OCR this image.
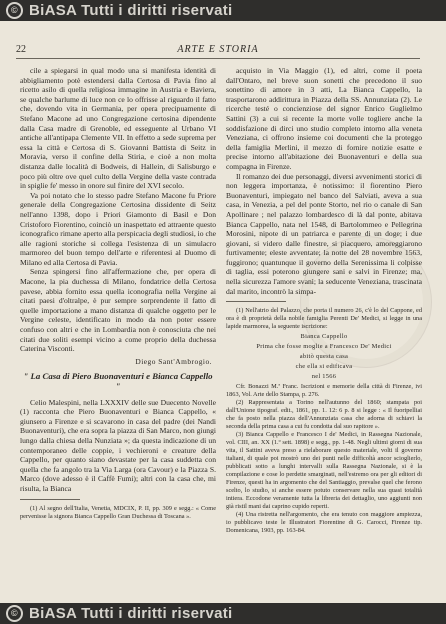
© BiASA Tutti i diritti riservati
22	ARTE E STORIA

cile a spiegarsi in qual modo una si manifesta identità di abbigliamento potè estendersi dalla Certosa di Pavia fino al ricetto asilo di quella religiosa immagine in Austria e Baviera, se qualche barlume di luce non ce lo offrisse al riguardo il fatto che, dovendo vita in Germania, per opera precipuamente di Stefano Macone ad uno Congregazione certosina dipendente dalla Casa madre di Grenoble, ed esseguente al Urbano VI antiche all'antipapa Clemente VII. In effetto a sede suprema per essa la città e Certosa di S. Giovanni Battista di Seitz in Moravia, verso il confine della Stiria, e cioè a non molta distanza dalle località di Bodweis, di Hallein, di Salisburgo e poco più oltre ove quel culto della Vergine della vaste contrada in spiglie fe' messo in onore sul finire del XVI secolo.

Va poi notato che lo stesso padre Stefano Macone fu Priore generale della Congregazione Certosina dissidente di Seitz nell'anno 1398, dopo i Priori Giamonto di Basil e Don Cristoforo Fiorentino, coinciò un inaspettato ed attraente questo iconografico rimane aperto alla perspicacia degli studiosi, io che alle ragioni storiche si collega l'esistenza di un simulacro marmoreo del buon tempo dell'arte e riferentesi al Duomo di Milano ed alla Certosa di Pavia.

Senza spingersi fino all'affermazione che, per opera di Macone, la pia duchessa di Milano, fondatrice della Certosa pavese, abbia fornito essa quella iconografia nella Vergine ai citati paesi d'oltralpe, è pur sempre sorprendente il fatto di quelle importazione a mano distanza di qualche oggetto per le Vergine celeste, identificato in modo da non poter essere confuso con altri e che in Lombardia non è conosciuta che nei citati due soliti esempi vicino a come proprio della duchessa Caterina Visconti.

Diego Sant'Ambrogio.
" La Casa di Piero Buonaventuri e Bianca Cappello "

Celio Malespini, nella LXXXIV delle sue Duecento Novelle (1) racconta che Piero Buonaventuri e Bianca Cappello, « giunsero a Firenze e si scavarono in casa del padre (dei Nandi Buonaventuri), che era sopra la piazza di San Marco, non giungi lungo dalla chiesa della Nunziata »; da questa indicazione di un contemporaneo delle coppie, i vechieroni e creature della Cappello, per quanto siano devastate per la casa suddetta con quella che fa angolo tra la Via Larga (ora Cavour) e la Piazza S. Marco (dove adesso è il Caffè Fumi); altri con la casa che, mi risulta, la Bianca

(1) Al segno dell'Italia, Venetia, MDCIX, P. II, pp. 309 e segg.: « Come pervenisse la signora Bianca Cappello Gran Duchessa di Toscana ».

acquisto in Via Maggio (1), ed altri, come il poeta dall'Ontaro, nel breve suon sonetti che precedono il suo sonettino di amore in 3 atti, La Bianca Cappello, la trasportarono addirittura in Piazza della SS. Annunziata (2). Le ricerche testé o concienziose del signor Enrico Guglielmo Sattini (3) a cui si recente la morte volle togliere anche la soddisfazione di dirci uno studio completo intorno alla veneta Veneziana, ci offrono insieme coi documenti che la proteggo della famiglia Merlini, il mezzo di fornire notizie esatte e precise intorno all'abitazione dei Buonaventuri e della sua compagna in Firenze.

Il romanzo dei due personaggi, diversi avvenimenti storici di non leggera importanza, è notissimo: il fiorentino Piero Buonaventuri, impiegato nel banco del Salviati, aveva a sua casa, in Venezia, a pel del ponte Storto, nel rio o canale di San Apollinare ; nel palazzo lombardesco di là dal ponte, abitava Bianca Cappello, nata nel 1548, di Bartolommeo e Pellegrina Morosini, nipote di un patriarca e parente di un doge; i due giovani, si videro dalle finestre, si piacquero, amoreggiarono furtivamente; eleste avventate; la notte del 28 novembre 1563, fuggirono; quantunque il governo della Serenissima li colpisse di taglia, essi poterono giungere sani e salvi in Firenze; ma, nella sicurezza l'amore svanì; la seducente Veneziana, trascinata dal marito, incontrò la simpa-

(1) Nell'atrio del Palazzo, che porta il numero 26, c'è lo del Cappone, ed ora è di proprietà della nobile famiglia Perenti De' Medici, si legge in una lapide marmorea, la seguente iscrizione:

Bianca Cappello
Prima che fosse moglie a Francesco De' Medici
abitò questa casa
che ella si edificava
nel 1566

Cfr. Bonazzi M.ª Franc. Iscrizioni e memorie della città di Firenze, ivi 1863, Vol. Arte dello Stampa, p. 276.

(2) Rappresentata a Torino nell'autunno del 1860; stampata poi dall'Unione tipograf. edit., 1861, pp. 1. 12: 6 p. 8 si legge : « Il fuoripelliai che fa posto nella piazza dell'Annunziata casa che adorna di schiavi la seconda della prima casa a cui fu condotta dal suo rapitore ».

(3) Bianca Cappello e Francesco I de' Medici, in Rassegna Nazionale, vol. CIII, an. XX (1.º sett. 1898) e segg., pp. 1-48. Negli ultimi giorni di sua vita, il Sattini aveva preso a rielaborare questo materiale, volti il governo italiani, di quale poi mostrò uno dei punti nelle difficoltà ancor scioglierlo, pubblicati sotto a lunghi intervalli sulla Rassegna Nazionale, si è la compilazione e cose lo perdette smarginati, nell'estremo ora per gli editori di Firenze, questi ha in argomento che del Santiaggio, prevalse quel che ferono scelto, lo studio, si anche essere potuto conservare nella sua quasi totalità intiera. Eccodone veramente tutta la libreria dei dettaglio, uno aggiunti non già ristil mani dai caprino cupido reperti.

(4) Una ristretta nell'argomento, che era tenuto con maggiore ampiezza, io pubblicavo teste le Illustratori Fiorentine di G. Carocci, Firenze tip. Domenicana, 1903, pp. 163-84.

© BiASA Tutti i diritti riservati
